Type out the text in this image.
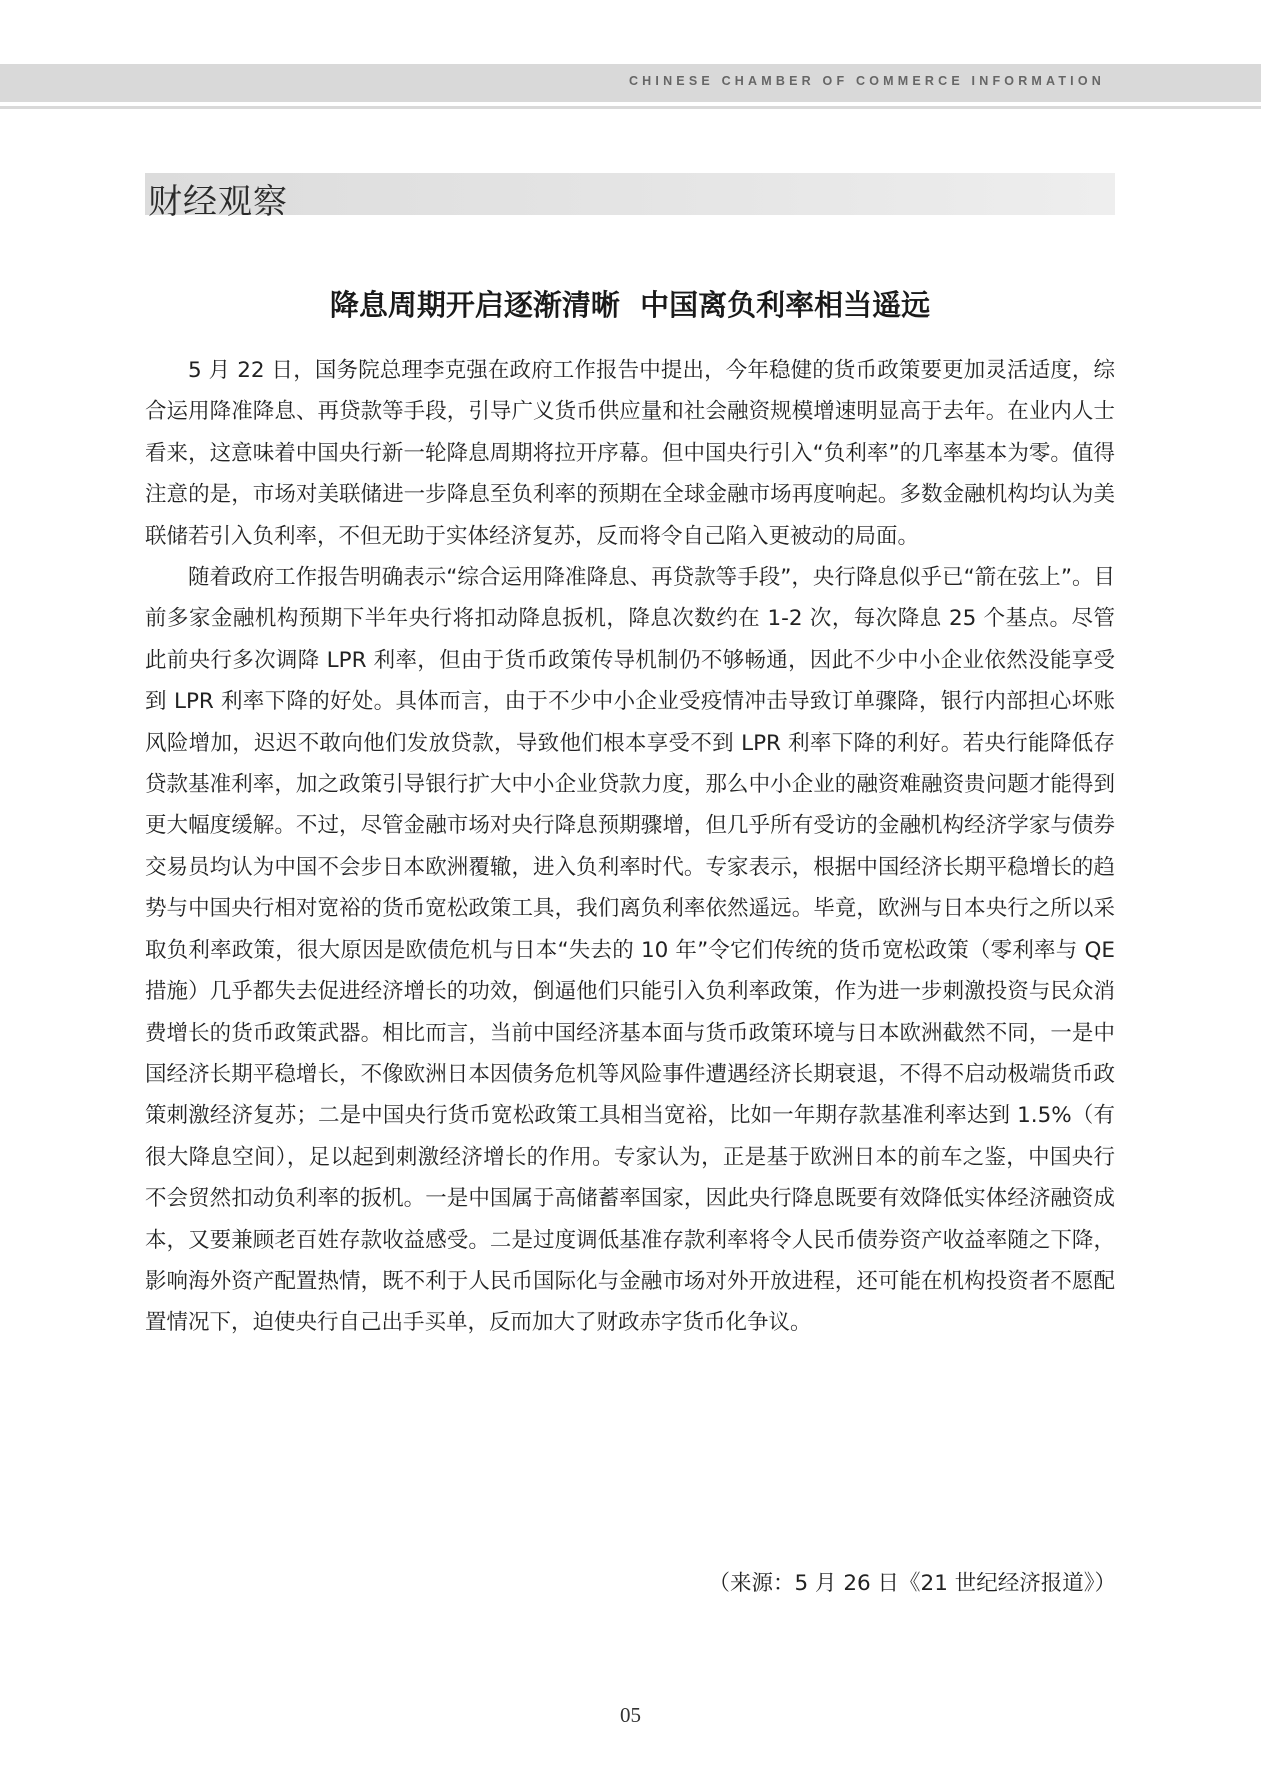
CHINESE CHAMBER OF COMMERCE INFORMATION
财经观察
降息周期开启逐渐清晰  中国离负利率相当遥远

5 月 22 日，国务院总理李克强在政府工作报告中提出，今年稳健的货币政策要更加灵活适度，综合运用降准降息、再贷款等手段，引导广义货币供应量和社会融资规模增速明显高于去年。在业内人士看来，这意味着中国央行新一轮降息周期将拉开序幕。但中国央行引入“负利率”的几率基本为零。值得注意的是，市场对美联储进一步降息至负利率的预期在全球金融市场再度响起。多数金融机构均认为美联储若引入负利率，不但无助于实体经济复苏，反而将令自己陷入更被动的局面。

随着政府工作报告明确表示“综合运用降准降息、再贷款等手段”，央行降息似乎已“箭在弦上”。目前多家金融机构预期下半年央行将扣动降息扳机，降息次数约在 1-2 次，每次降息 25 个基点。尽管此前央行多次调降 LPR 利率，但由于货币政策传导机制仍不够畅通，因此不少中小企业依然没能享受到 LPR 利率下降的好处。具体而言，由于不少中小企业受疫情冲击导致订单骤降，银行内部担心坏账风险增加，迟迟不敢向他们发放贷款，导致他们根本享受不到 LPR 利率下降的利好。若央行能降低存贷款基准利率，加之政策引导银行扩大中小企业贷款力度，那么中小企业的融资难融资贵问题才能得到更大幅度缓解。不过，尽管金融市场对央行降息预期骤增，但几乎所有受访的金融机构经济学家与债券交易员均认为中国不会步日本欧洲覆辙，进入负利率时代。专家表示，根据中国经济长期平稳增长的趋势与中国央行相对宽裕的货币宽松政策工具，我们离负利率依然遥远。毕竟，欧洲与日本央行之所以采取负利率政策，很大原因是欧债危机与日本“失去的 10 年”令它们传统的货币宽松政策（零利率与 QE 措施）几乎都失去促进经济增长的功效，倒逼他们只能引入负利率政策，作为进一步刺激投资与民众消费增长的货币政策武器。相比而言，当前中国经济基本面与货币政策环境与日本欧洲截然不同，一是中国经济长期平稳增长，不像欧洲日本因债务危机等风险事件遭遇经济长期衰退，不得不启动极端货币政策刺激经济复苏；二是中国央行货币宽松政策工具相当宽裕，比如一年期存款基准利率达到 1.5%（有很大降息空间），足以起到刺激经济增长的作用。专家认为，正是基于欧洲日本的前车之鉴，中国央行不会贸然扣动负利率的扳机。一是中国属于高储蓄率国家，因此央行降息既要有效降低实体经济融资成本，又要兼顾老百姓存款收益感受。二是过度调低基准存款利率将令人民币债券资产收益率随之下降，影响海外资产配置热情，既不利于人民币国际化与金融市场对外开放进程，还可能在机构投资者不愿配置情况下，迫使央行自己出手买单，反而加大了财政赤字货币化争议。

（来源：5 月 26 日《21 世纪经济报道》）
05
